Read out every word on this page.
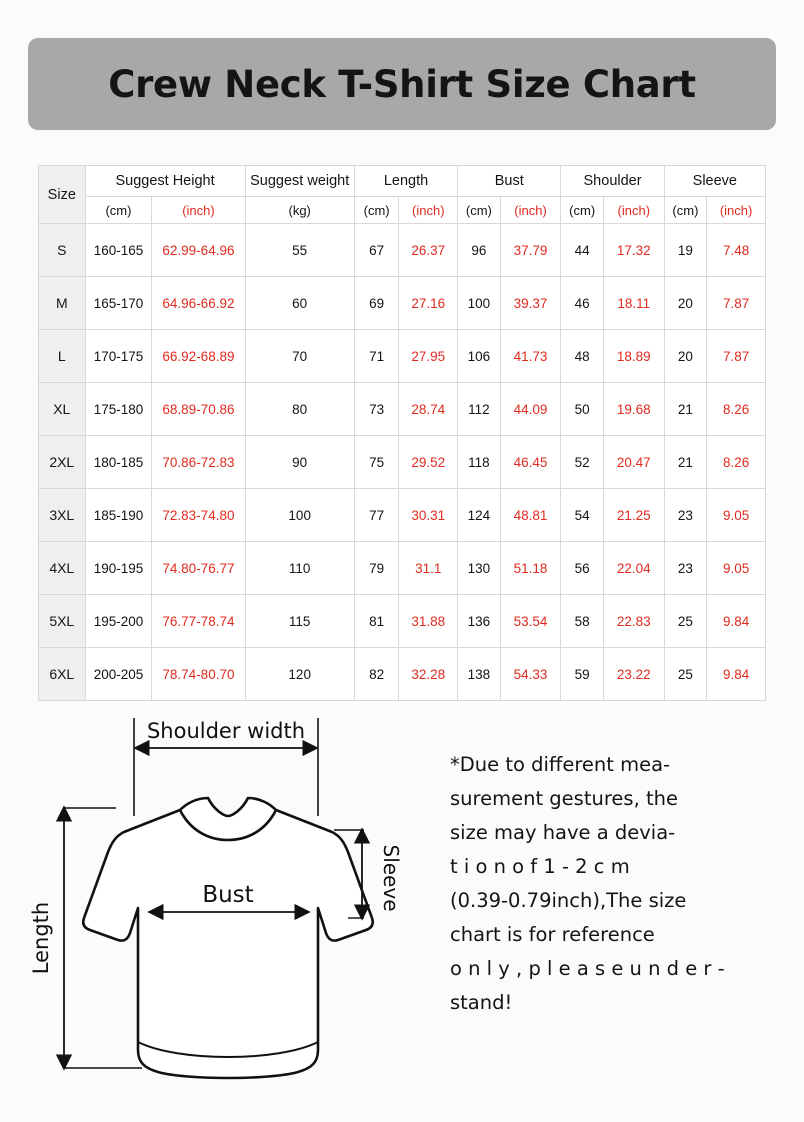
Crew Neck T-Shirt Size Chart
Size	Suggest Height		Suggest weight	Length		Bust		Shoulder		Sleeve	
	(cm)	(inch)	(kg)	(cm)	(inch)	(cm)	(inch)	(cm)	(inch)	(cm)	(inch)
S	160-165	62.99-64.96	55	67	26.37	96	37.79	44	17.32	19	7.48
M	165-170	64.96-66.92	60	69	27.16	100	39.37	46	18.11	20	7.87
L	170-175	66.92-68.89	70	71	27.95	106	41.73	48	18.89	20	7.87
XL	175-180	68.89-70.86	80	73	28.74	112	44.09	50	19.68	21	8.26
2XL	180-185	70.86-72.83	90	75	29.52	118	46.45	52	20.47	21	8.26
3XL	185-190	72.83-74.80	100	77	30.31	124	48.81	54	21.25	23	9.05
4XL	190-195	74.80-76.77	110	79	31.1	130	51.18	56	22.04	23	9.05
5XL	195-200	76.77-78.74	115	81	31.88	136	53.54	58	22.83	25	9.84
6XL	200-205	78.74-80.70	120	82	32.28	138	54.33	59	23.22	25	9.84
Shoulder width
Bust	Sleeve
Length

*Due to different mea-

surement gestures, the

size may have a devia-

t i o n o f 1 - 2 c m

(0.39-0.79inch),The size

chart is for reference

o n l y , p l e a s e u n d e r -

stand!
